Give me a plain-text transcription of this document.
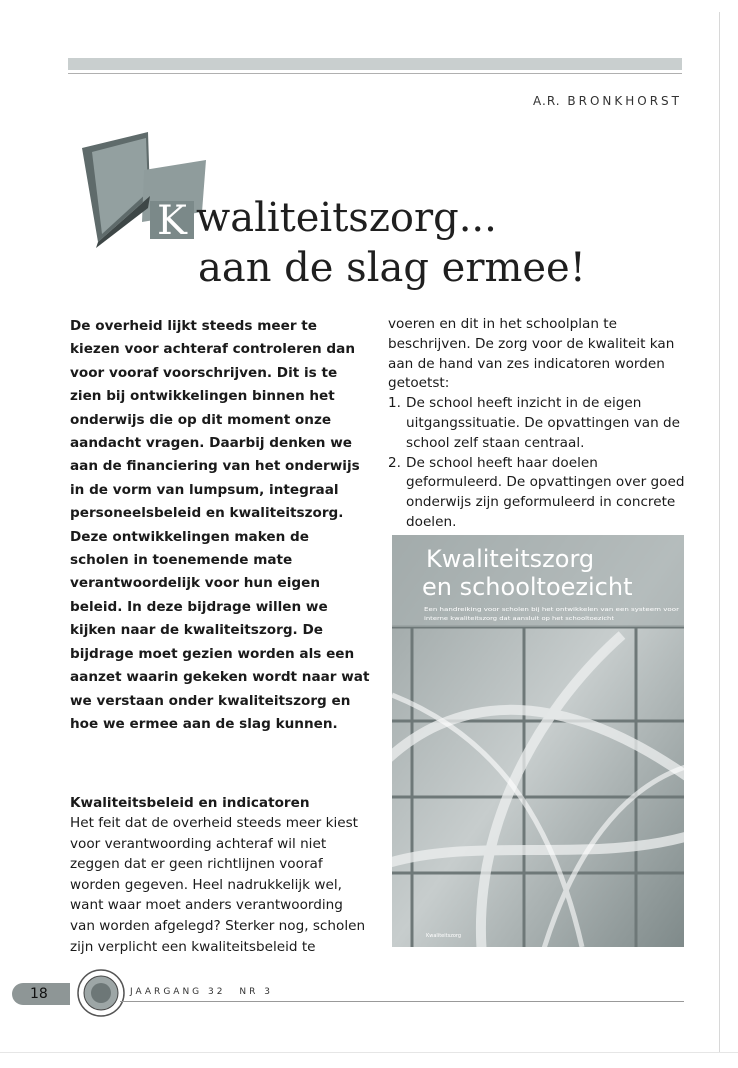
A.R. BRONKHORST
K waliteitszorg...
aan de slag ermee!

De overheid lijkt steeds meer te kiezen voor achteraf controleren dan voor vooraf voorschrijven. Dit is te zien bij ontwikkelingen binnen het onderwijs die op dit moment onze aandacht vragen. Daarbij denken we aan de financiering van het onderwijs in de vorm van lumpsum, integraal personeelsbeleid en kwaliteitszorg. Deze ontwikkelingen maken de scholen in toenemende mate verantwoordelijk voor hun eigen beleid. In deze bijdrage willen we kijken naar de kwaliteitszorg. De bijdrage moet gezien worden als een aanzet waarin gekeken wordt naar wat we verstaan onder kwaliteitszorg en hoe we ermee aan de slag kunnen.

Kwaliteitsbeleid en indicatoren

Het feit dat de overheid steeds meer kiest voor verantwoording achteraf wil niet zeggen dat er geen richtlijnen vooraf worden gegeven. Heel nadrukkelijk wel, want waar moet anders verantwoording van worden afgelegd? Sterker nog, scholen zijn verplicht een kwaliteitsbeleid te

voeren en dit in het schoolplan te beschrijven. De zorg voor de kwaliteit kan aan de hand van zes indicatoren worden getoetst:

1. De school heeft inzicht in de eigen uitgangssituatie. De opvattingen van de school zelf staan centraal.
2. De school heeft haar doelen geformuleerd. De opvattingen over goed onderwijs zijn geformuleerd in concrete doelen.
Kwaliteitszorg
en schooltoezicht
Een handreiking voor scholen bij het ontwikkelen van een systeem voor
interne kwaliteitszorg dat aansluit op het schooltoezicht
Kwaliteitszorg
18	JAARGANG 32 NR 3
